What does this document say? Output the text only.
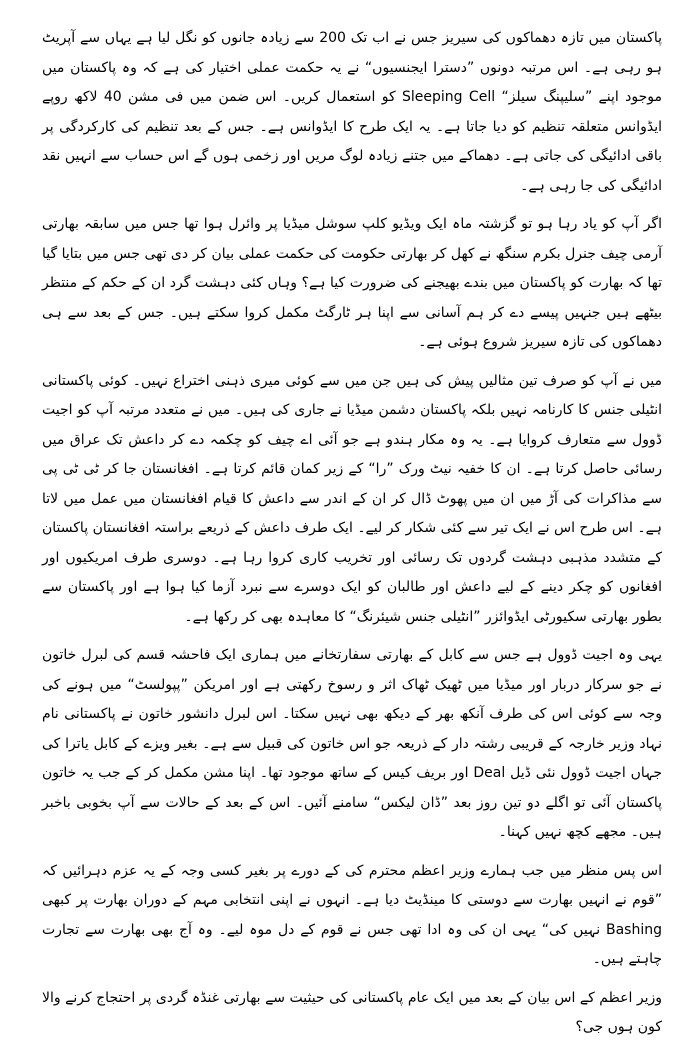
پاکستان میں تازہ دھماکوں کی سیریز جس نے اب تک 200 سے زیادہ جانوں کو نگل لیا ہے یہاں سے آپریٹ ہو رہی ہے۔ اس مرتبہ دونوں ”دسترا ایجنسیوں“ نے یہ حکمت عملی اختیار کی ہے کہ وہ پاکستان میں موجود اپنے ”سلیپنگ سیلز“ Sleeping Cell کو استعمال کریں۔ اس ضمن میں فی مشن 40 لاکھ روپے ایڈوانس متعلقہ تنظیم کو دیا جاتا ہے۔ یہ ایک طرح کا ایڈوانس ہے۔ جس کے بعد تنظیم کی کارکردگی پر باقی ادائیگی کی جاتی ہے۔ دھماکے میں جتنے زیادہ لوگ مریں اور زخمی ہوں گے اس حساب سے انہیں نقد ادائیگی کی جا رہی ہے۔

اگر آپ کو یاد رہا ہو تو گزشتہ ماہ ایک ویڈیو کلپ سوشل میڈیا پر وائرل ہوا تھا جس میں سابقہ بھارتی آرمی چیف جنرل بکرم سنگھ نے کھل کر بھارتی حکومت کی حکمت عملی بیان کر دی تھی جس میں بتایا گیا تھا کہ بھارت کو پاکستان میں بندے بھیجنے کی ضرورت کیا ہے؟ وہاں کئی دہشت گرد ان کے حکم کے منتظر بیٹھے ہیں جنہیں پیسے دے کر ہم آسانی سے اپنا ہر ٹارگٹ مکمل کروا سکتے ہیں۔ جس کے بعد سے ہی دھماکوں کی تازہ سیریز شروع ہوئی ہے۔

میں نے آپ کو صرف تین مثالیں پیش کی ہیں جن میں سے کوئی میری ذہنی اختراع نہیں۔ کوئی پاکستانی انٹیلی جنس کا کارنامہ نہیں بلکہ پاکستان دشمن میڈیا نے جاری کی ہیں۔ میں نے متعدد مرتبہ آپ کو اجیت ڈوول سے متعارف کروایا ہے۔ یہ وہ مکار ہندو ہے جو آئی اے چیف کو چکمہ دے کر داعش تک عراق میں رسائی حاصل کرتا ہے۔ ان کا خفیہ نیٹ ورک ”را“ کے زیر کمان قائم کرتا ہے۔ افغانستان جا کر ٹی ٹی پی سے مذاکرات کی آڑ میں ان میں پھوٹ ڈال کر ان کے اندر سے داعش کا قیام افغانستان میں عمل میں لاتا ہے۔ اس طرح اس نے ایک تیر سے کئی شکار کر لیے۔ ایک طرف داعش کے ذریعے براستہ افغانستان پاکستان کے متشدد مذہبی دہشت گردوں تک رسائی اور تخریب کاری کروا رہا ہے۔ دوسری طرف امریکیوں اور افغانوں کو چکر دینے کے لیے داعش اور طالبان کو ایک دوسرے سے نبرد آزما کیا ہوا ہے اور پاکستان سے بطور بھارتی سکیورٹی ایڈوائزر ”انٹیلی جنس شیئرنگ“ کا معاہدہ بھی کر رکھا ہے۔

یہی وہ اجیت ڈوول ہے جس سے کابل کے بھارتی سفارتخانے میں ہماری ایک فاحشہ قسم کی لبرل خاتون نے جو سرکار دربار اور میڈیا میں ٹھیک ٹھاک اثر و رسوخ رکھتی ہے اور امریکن ”پپولسٹ“ میں ہونے کی وجہ سے کوئی اس کی طرف آنکھ بھر کے دیکھ بھی نہیں سکتا۔ اس لبرل دانشور خاتون نے پاکستانی نام نہاد وزیر خارجہ کے قریبی رشتہ دار کے ذریعہ جو اس خاتون کی قبیل سے ہے۔ بغیر ویزے کے کابل یاترا کی جہاں اجیت ڈوول نئی ڈیل Deal اور بریف کیس کے ساتھ موجود تھا۔ اپنا مشن مکمل کر کے جب یہ خاتون پاکستان آئی تو اگلے دو تین روز بعد ”ڈان لیکس“ سامنے آئیں۔ اس کے بعد کے حالات سے آپ بخوبی باخبر ہیں۔ مجھے کچھ نہیں کہنا۔

اس پس منظر میں جب ہمارے وزیر اعظم محترم کی کے دورے پر بغیر کسی وجہ کے یہ عزم دہرائیں کہ ”قوم نے انہیں بھارت سے دوستی کا مینڈیٹ دیا ہے۔ انہوں نے اپنی انتخابی مہم کے دوران بھارت پر کبھی Bashing نہیں کی“ یہی ان کی وہ ادا تھی جس نے قوم کے دل موہ لیے۔ وہ آج بھی بھارت سے تجارت چاہتے ہیں۔

وزیر اعظم کے اس بیان کے بعد میں ایک عام پاکستانی کی حیثیت سے بھارتی غنڈہ گردی پر احتجاج کرنے والا کون ہوں جی؟
